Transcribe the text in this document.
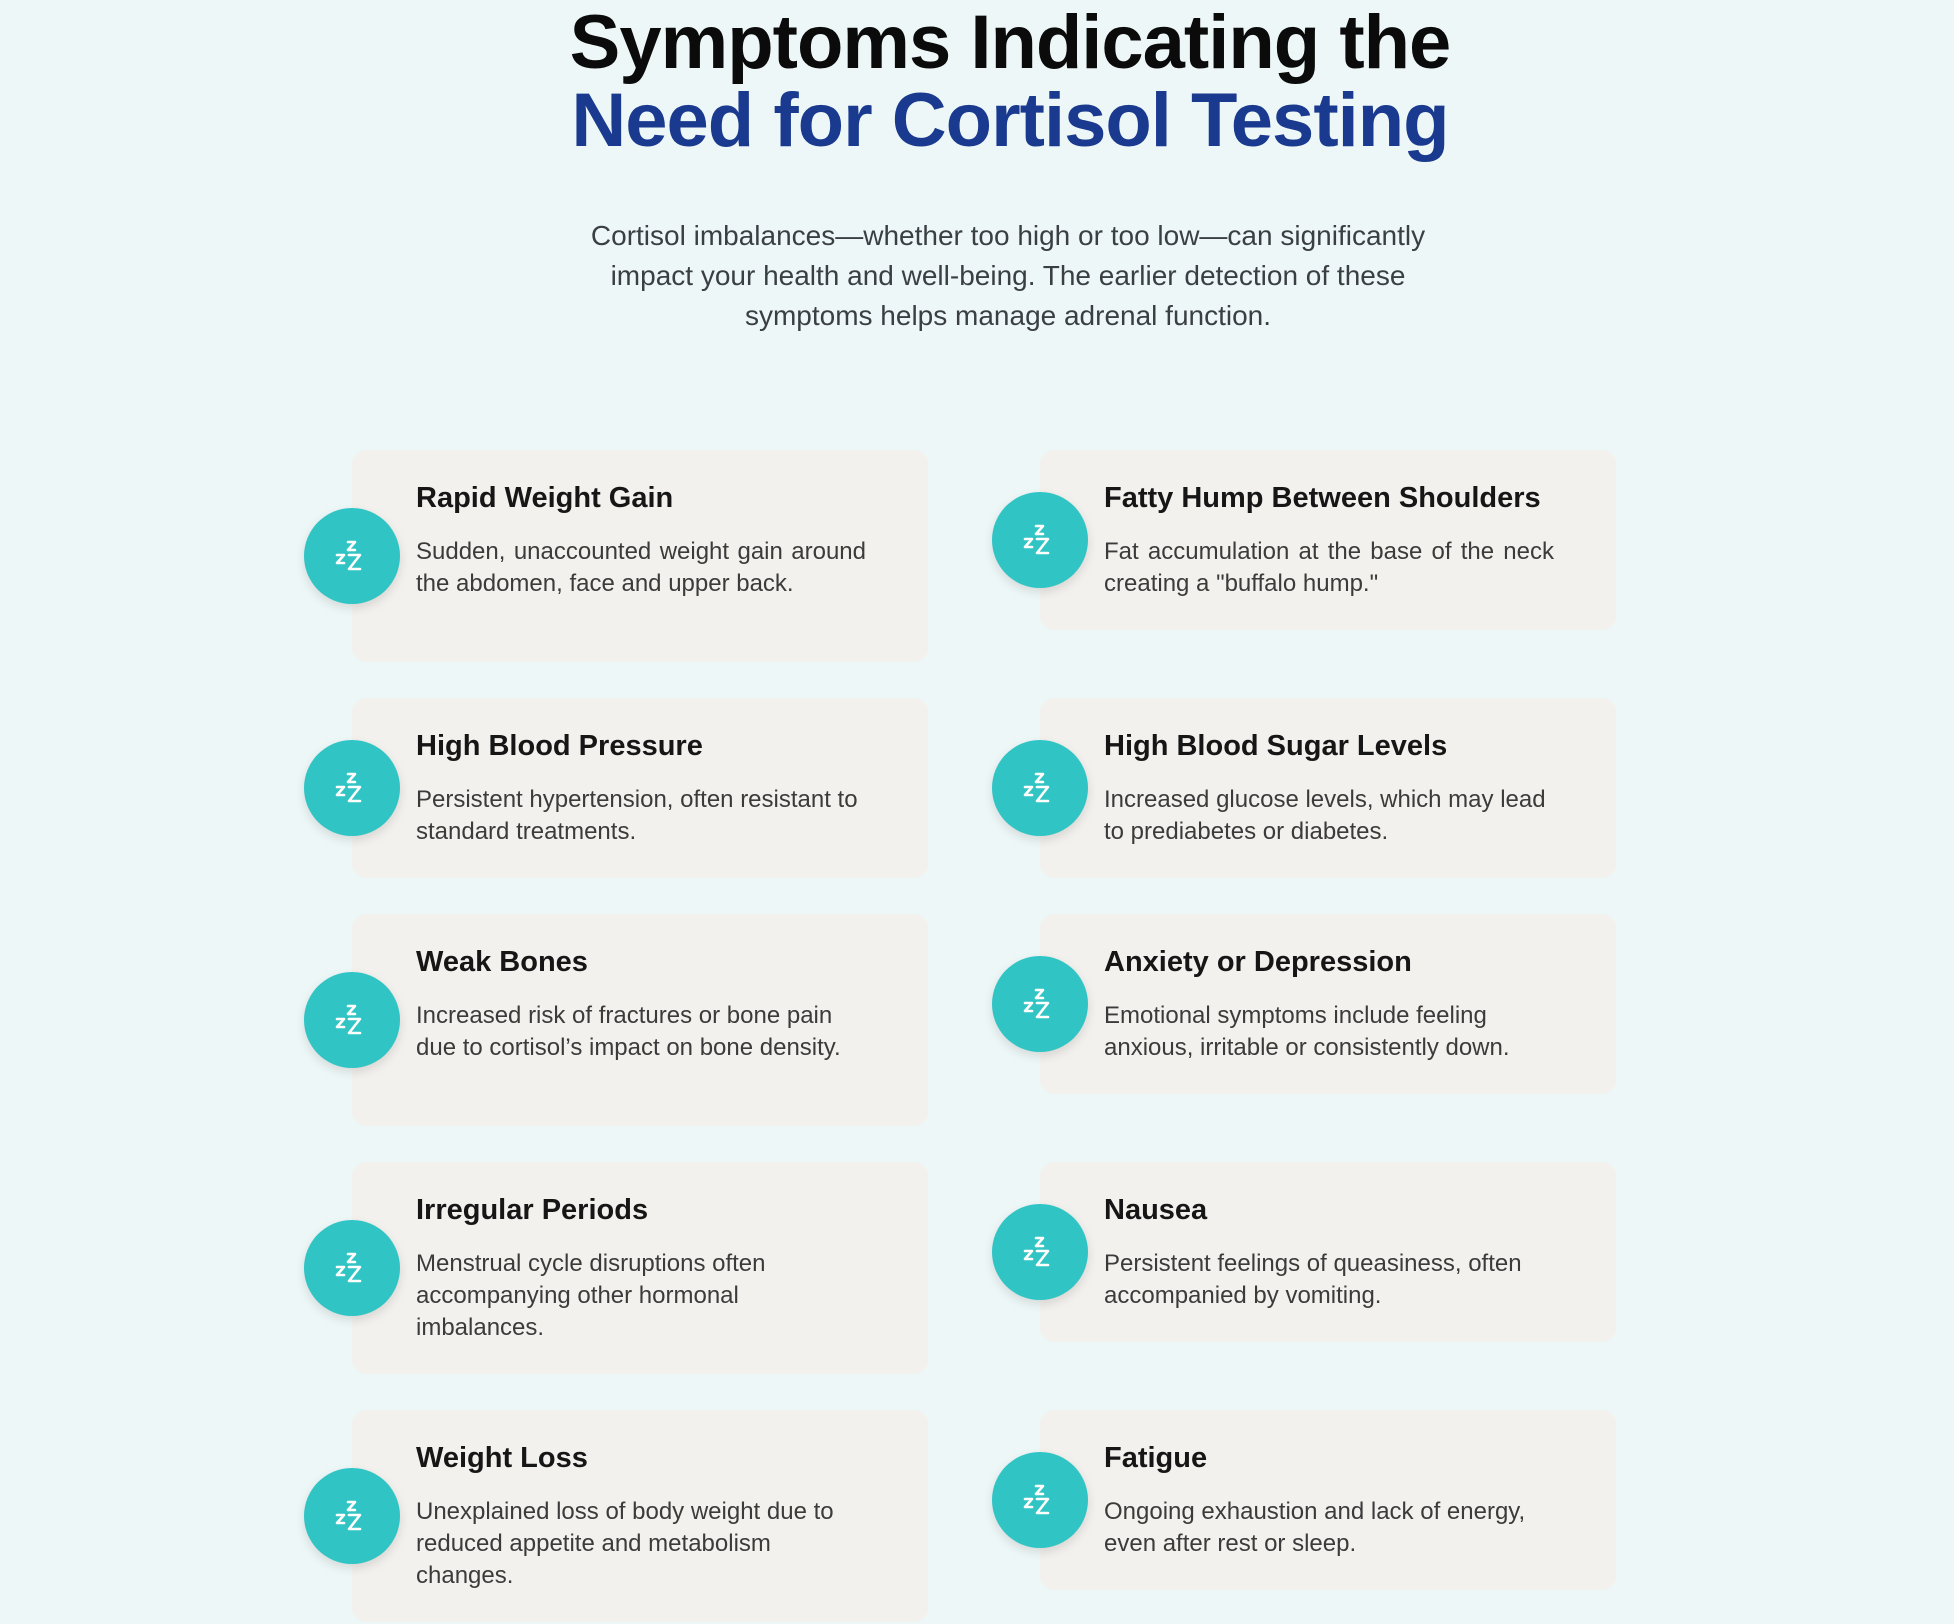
Symptoms Indicating the
Need for Cortisol Testing

Cortisol imbalances—whether too high or too low—can significantly impact your health and well-being. The earlier detection of these symptoms helps manage adrenal function.

Rapid Weight Gain

Sudden, unaccounted weight gain around the abdomen, face and upper back.

Fatty Hump Between Shoulders

Fat accumulation at the base of the neck creating a "buffalo hump."

High Blood Pressure

Persistent hypertension, often resistant to standard treatments.

High Blood Sugar Levels

Increased glucose levels, which may lead to prediabetes or diabetes.

Weak Bones

Increased risk of fractures or bone pain due to cortisol’s impact on bone density.

Anxiety or Depression

Emotional symptoms include feeling anxious, irritable or consistently down.

Irregular Periods

Menstrual cycle disruptions often accompanying other hormonal imbalances.

Nausea

Persistent feelings of queasiness, often accompanied by vomiting.

Weight Loss

Unexplained loss of body weight due to reduced appetite and metabolism changes.

Fatigue

Ongoing exhaustion and lack of energy, even after rest or sleep.
